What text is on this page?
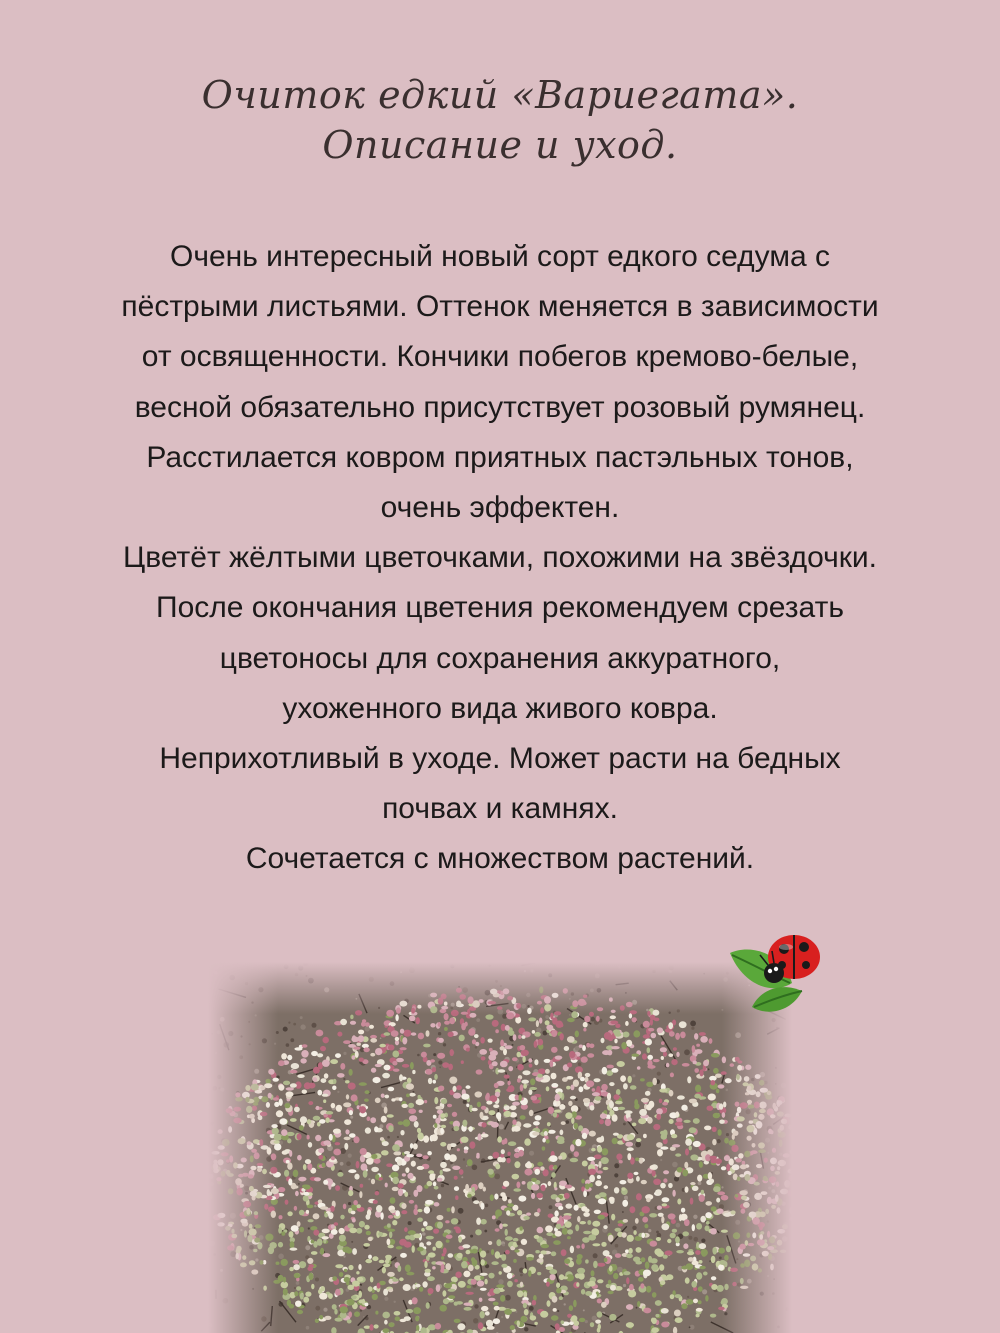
Очиток едкий «Вариегата».
Описание и уход.
Очень интересный новый сорт едкого седума с
пёстрыми листьями. Оттенок меняется в зависимости
от освященности. Кончики побегов кремово-белые,
весной обязательно присутствует розовый румянец.
Расстилается ковром приятных пастэльных тонов,
очень эффектен.
Цветёт жёлтыми цветочками, похожими на звёздочки.
После окончания цветения рекомендуем срезать
цветоносы для сохранения аккуратного,
ухоженного вида живого ковра.
Неприхотливый в уходе. Может расти на бедных
почвах и камнях.
Сочетается с множеством растений.
